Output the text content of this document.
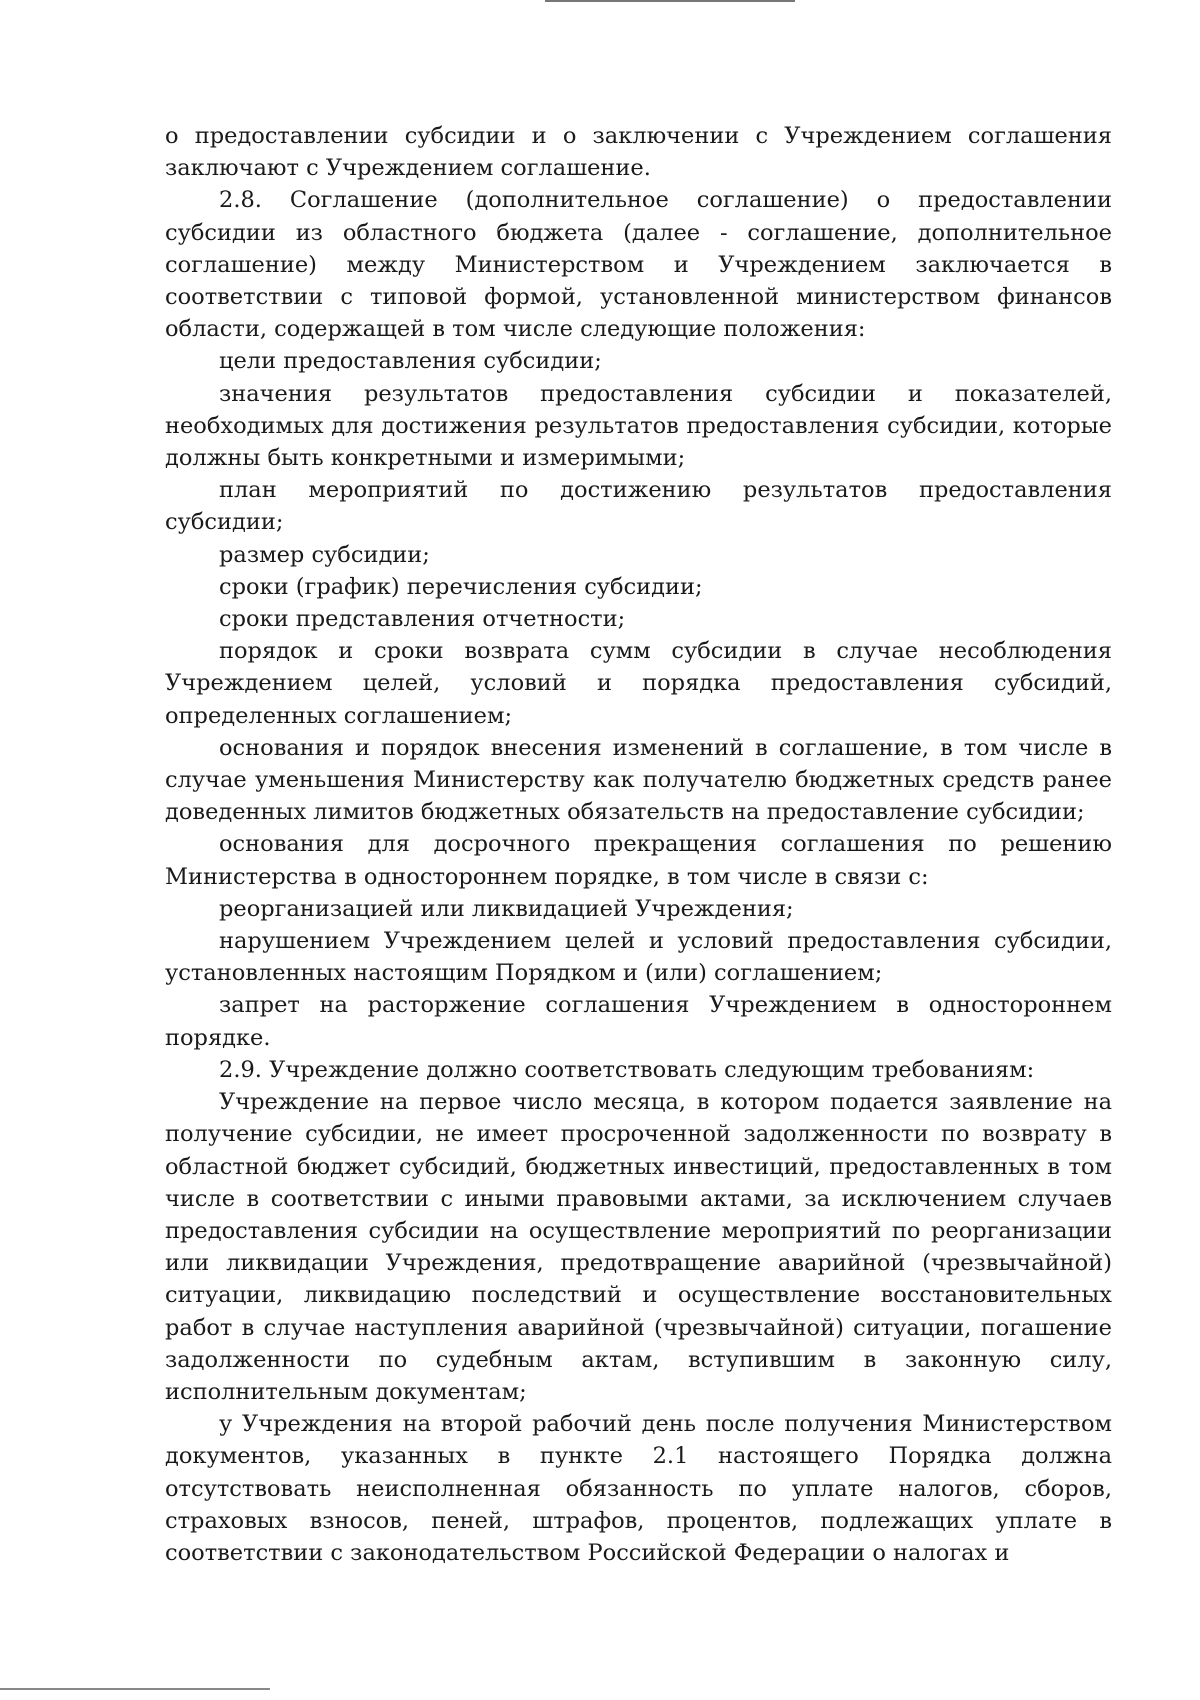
о предоставлении субсидии и о заключении с Учреждением соглашения заключают с Учреждением соглашение.

2.8. Соглашение (дополнительное соглашение) о предоставлении субсидии из областного бюджета (далее - соглашение, дополнительное соглашение) между Министерством и Учреждением заключается в соответствии с типовой формой, установленной министерством финансов области, содержащей в том числе следующие положения:

цели предоставления субсидии;

значения результатов предоставления субсидии и показателей, необходимых для достижения результатов предоставления субсидии, которые должны быть конкретными и измеримыми;

план мероприятий по достижению результатов предоставления субсидии;

размер субсидии;

сроки (график) перечисления субсидии;

сроки представления отчетности;

порядок и сроки возврата сумм субсидии в случае несоблюдения Учреждением целей, условий и порядка предоставления субсидий, определенных соглашением;

основания и порядок внесения изменений в соглашение, в том числе в случае уменьшения Министерству как получателю бюджетных средств ранее доведенных лимитов бюджетных обязательств на предоставление субсидии;

основания для досрочного прекращения соглашения по решению Министерства в одностороннем порядке, в том числе в связи с:

реорганизацией или ликвидацией Учреждения;

нарушением Учреждением целей и условий предоставления субсидии, установленных настоящим Порядком и (или) соглашением;

запрет на расторжение соглашения Учреждением в одностороннем порядке.

2.9. Учреждение должно соответствовать следующим требованиям:

Учреждение на первое число месяца, в котором подается заявление на получение субсидии, не имеет просроченной задолженности по возврату в областной бюджет субсидий, бюджетных инвестиций, предоставленных в том числе в соответствии с иными правовыми актами, за исключением случаев предоставления субсидии на осуществление мероприятий по реорганизации или ликвидации Учреждения, предотвращение аварийной (чрезвычайной) ситуации, ликвидацию последствий и осуществление восстановительных работ в случае наступления аварийной (чрезвычайной) ситуации, погашение задолженности по судебным актам, вступившим в законную силу, исполнительным документам;

у Учреждения на второй рабочий день после получения Министерством документов, указанных в пункте 2.1 настоящего Порядка должна отсутствовать неисполненная обязанность по уплате налогов, сборов, страховых взносов, пеней, штрафов, процентов, подлежащих уплате в соответствии с законодательством Российской Федерации о налогах и
